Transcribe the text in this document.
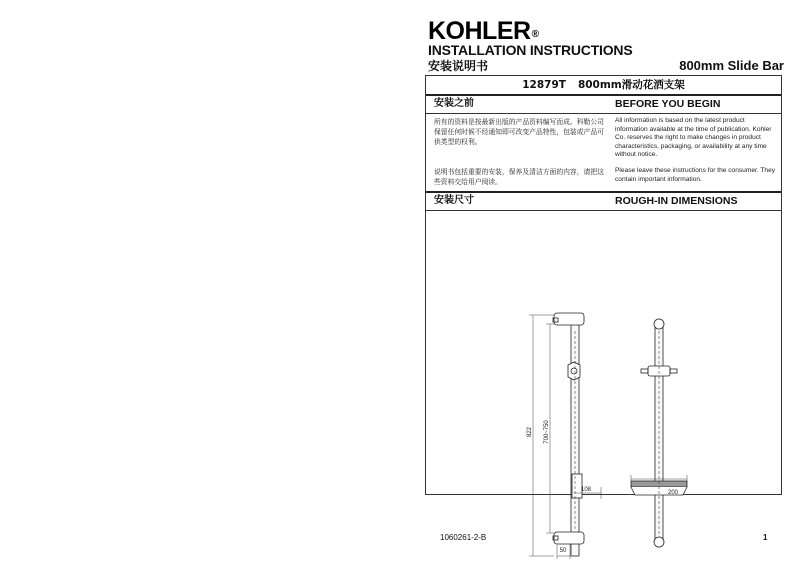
KOHLER®
INSTALLATION INSTRUCTIONS
安装说明书	800mm Slide Bar
12879T 800mm滑动花洒支架
安装之前	BEFORE YOU BEGIN
所有的资料是按最新出版的产品资料编写而成。科勒公司保留任何时候不经通知即可改变产品特性，包装或产品可供类型的权利。
All information is based on the latest product information available at the time of publication. Kohler Co. reserves the right to make changes in product characteristics, packaging, or availability at any time without notice.
说明书包括重要的安装，保养及清洁方面的内容，请把这些资料交给用户阅读。
Please leave these instructions for the consumer. They contain important information.
安装尺寸	ROUGH-IN DIMENSIONS
822 700~750
108
50
200
1060261-2-B	1
